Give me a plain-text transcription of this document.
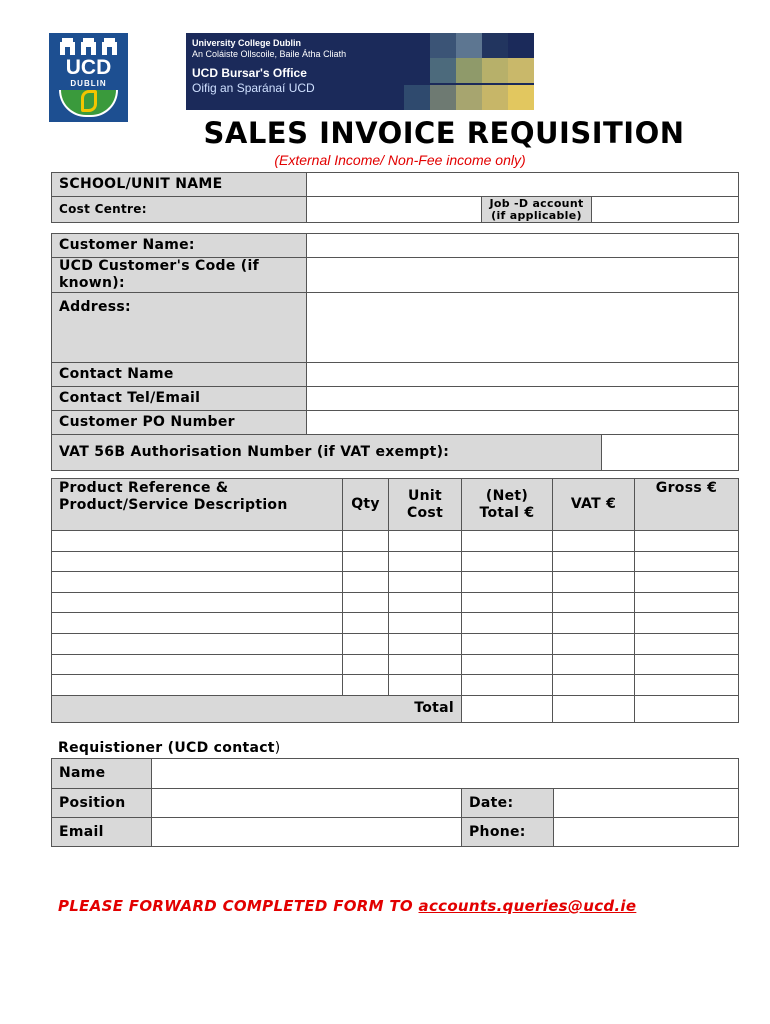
UCD
DUBLIN
University College Dublin
An Coláiste Ollscoile, Baile Átha Cliath
UCD Bursar's Office
Oifig an Sparánaí UCD
SALES INVOICE REQUISITION
(External Income/ Non-Fee income only)
SCHOOL/UNIT NAME			
Cost Centre:		Job -D account (if applicable)	
Customer Name:		
UCD Customer's Code (if known):		
Address:		
Contact Name		
Contact Tel/Email		
Customer PO Number		
VAT 56B Authorisation Number (if VAT exempt):		
Product Reference & Product/Service Description	Qty	Unit Cost	(Net) Total €	VAT €	Gross €

Total					
Requistioner (UCD contact)
Name			
Position		Date:	
Email		Phone:	
PLEASE FORWARD COMPLETED FORM TO accounts.queries@ucd.ie
